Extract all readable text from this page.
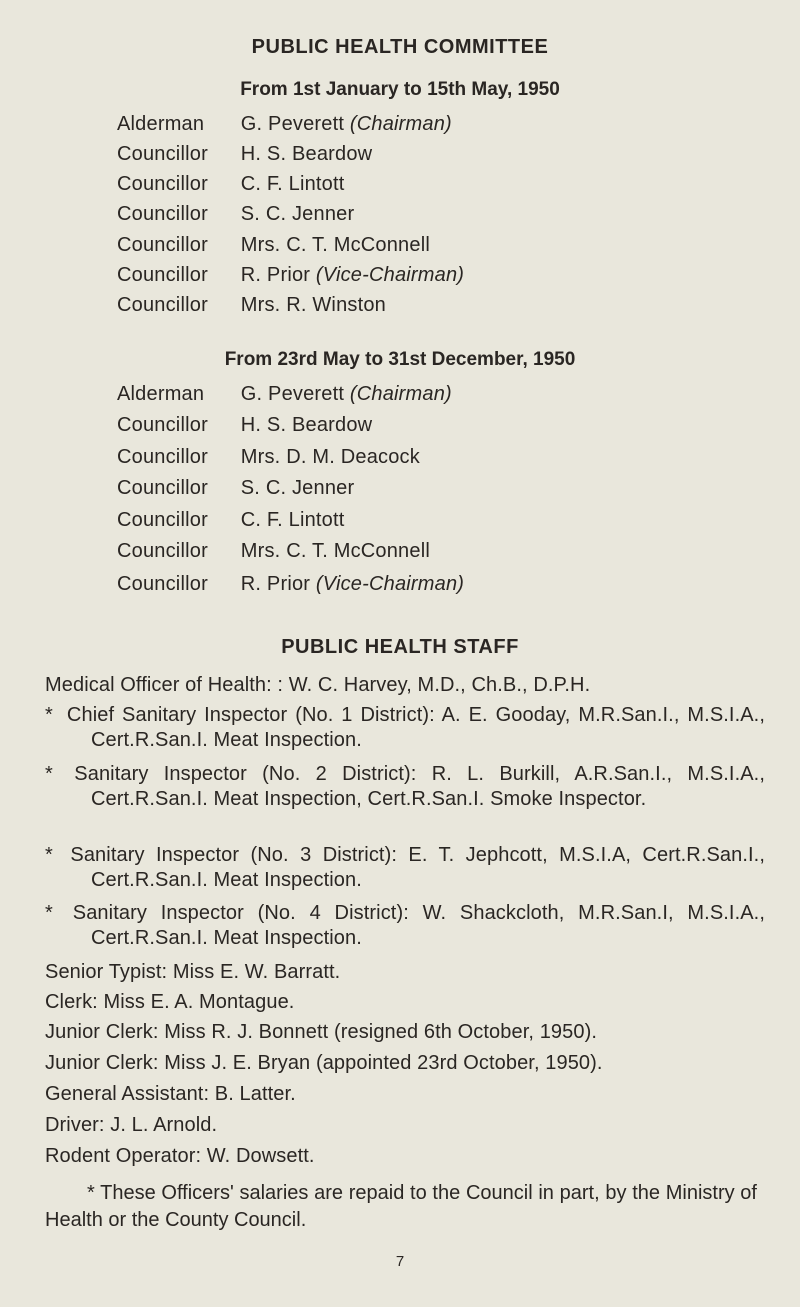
PUBLIC HEALTH COMMITTEE
From 1st January to 15th May, 1950
Alderman G. Peverett (Chairman)
Councillor H. S. Beardow
Councillor C. F. Lintott
Councillor S. C. Jenner
Councillor Mrs. C. T. McConnell
Councillor R. Prior (Vice-Chairman)
Councillor Mrs. R. Winston
From 23rd May to 31st December, 1950
Alderman G. Peverett (Chairman)
Councillor H. S. Beardow
Councillor Mrs. D. M. Deacock
Councillor S. C. Jenner
Councillor C. F. Lintott
Councillor Mrs. C. T. McConnell
Councillor R. Prior (Vice-Chairman)
PUBLIC HEALTH STAFF
Medical Officer of Health: : W. C. Harvey, M.D., Ch.B., D.P.H.
* Chief Sanitary Inspector (No. 1 District): A. E. Gooday, M.R.San.I., M.S.I.A., Cert.R.San.I. Meat Inspection.
* Sanitary Inspector (No. 2 District): R. L. Burkill, A.R.San.I., M.S.I.A., Cert.R.San.I. Meat Inspection, Cert.R.San.I. Smoke Inspector.
* Sanitary Inspector (No. 3 District): E. T. Jephcott, M.S.I.A, Cert.R.San.I., Cert.R.San.I. Meat Inspection.
* Sanitary Inspector (No. 4 District): W. Shackcloth, M.R.San.I, M.S.I.A., Cert.R.San.I. Meat Inspection.
Senior Typist: Miss E. W. Barratt.
Clerk: Miss E. A. Montague.
Junior Clerk: Miss R. J. Bonnett (resigned 6th October, 1950).
Junior Clerk: Miss J. E. Bryan (appointed 23rd October, 1950).
General Assistant: B. Latter.
Driver: J. L. Arnold.
Rodent Operator: W. Dowsett.
* These Officers' salaries are repaid to the Council in part, by the Ministry of Health or the County Council.
7
